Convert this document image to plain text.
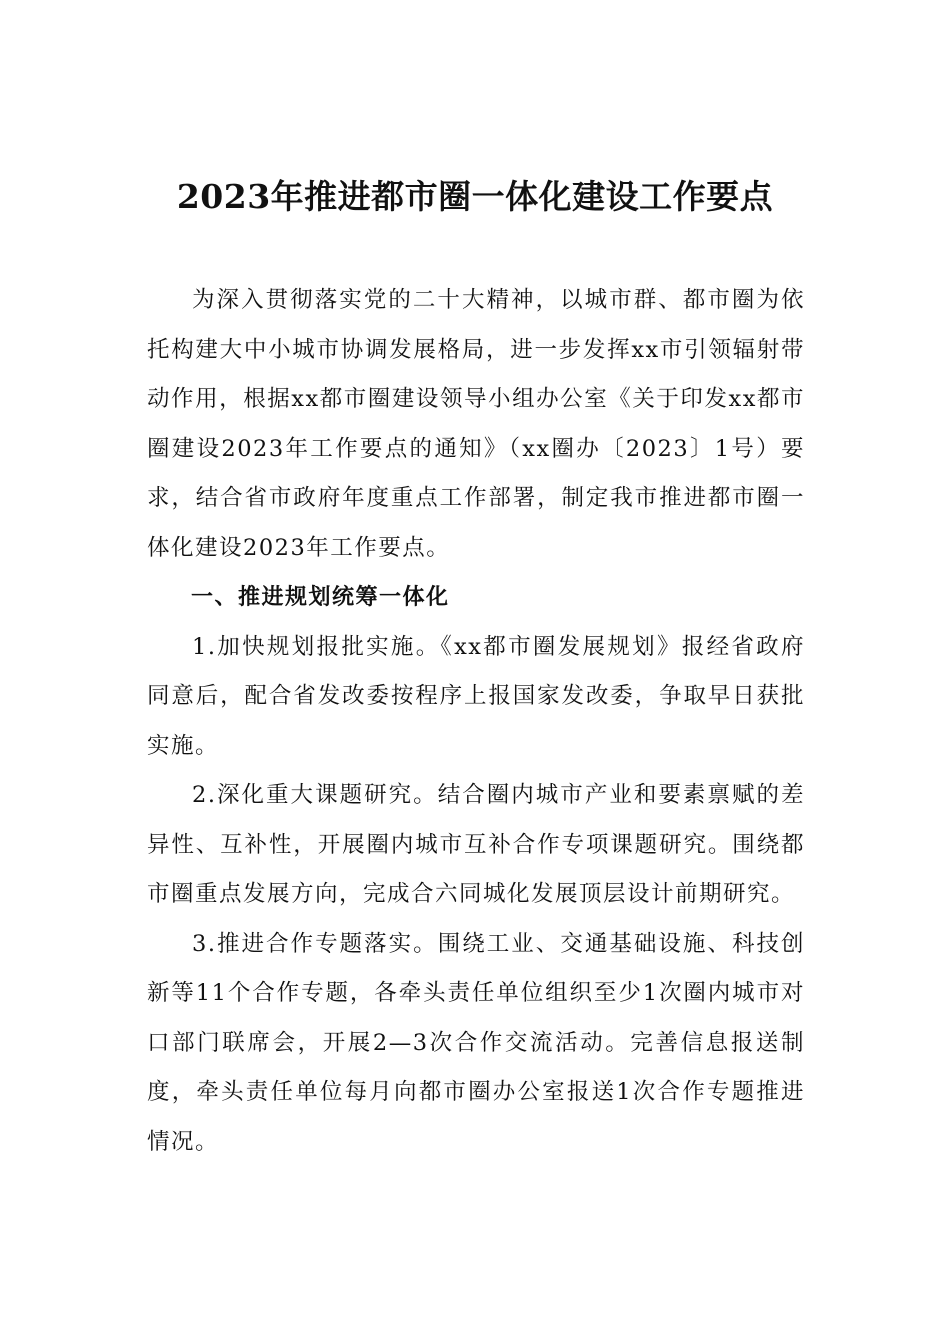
2023年推进都市圈一体化建设工作要点

为深入贯彻落实党的二十大精神，以城市群、都市圈为依托构建大中小城市协调发展格局，进一步发挥xx市引领辐射带动作用，根据xx都市圈建设领导小组办公室《关于印发xx都市圈建设2023年工作要点的通知》（xx圈办〔2023〕1号）要求，结合省市政府年度重点工作部署，制定我市推进都市圈一体化建设2023年工作要点。

一、推进规划统筹一体化

1.加快规划报批实施。《xx都市圈发展规划》报经省政府同意后，配合省发改委按程序上报国家发改委，争取早日获批实施。

2.深化重大课题研究。结合圈内城市产业和要素禀赋的差异性、互补性，开展圈内城市互补合作专项课题研究。围绕都市圈重点发展方向，完成合六同城化发展顶层设计前期研究。

3.推进合作专题落实。围绕工业、交通基础设施、科技创新等11个合作专题，各牵头责任单位组织至少1次圈内城市对口部门联席会，开展2—3次合作交流活动。完善信息报送制度，牵头责任单位每月向都市圈办公室报送1次合作专题推进情况。
